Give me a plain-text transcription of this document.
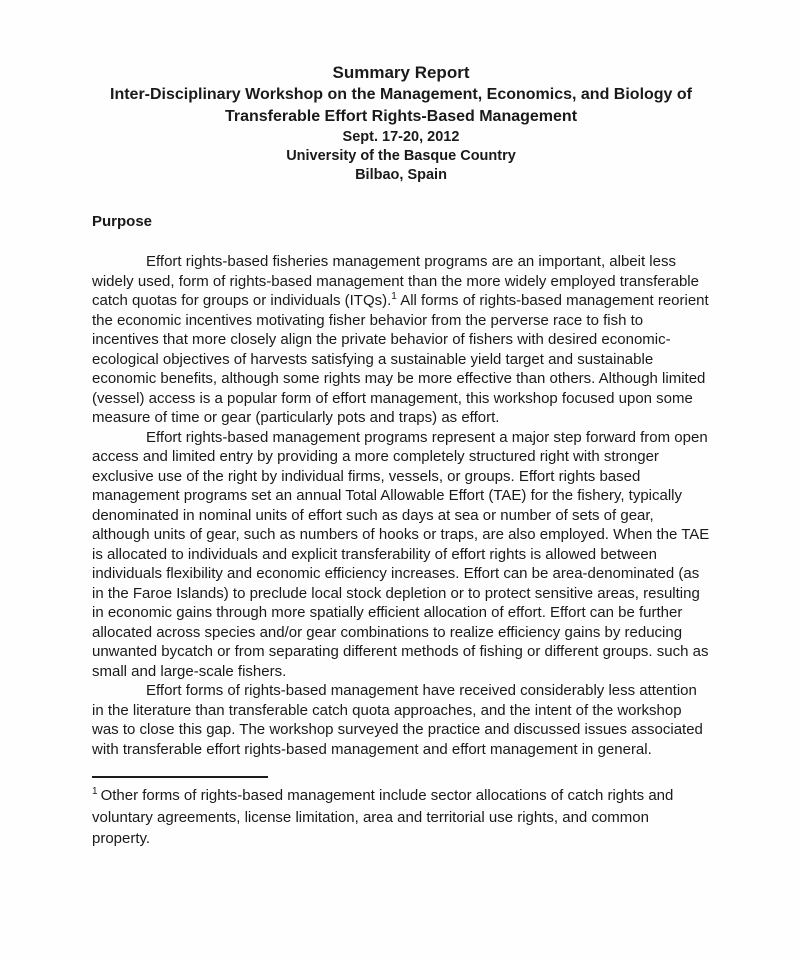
Summary Report
Inter-Disciplinary Workshop on the Management, Economics, and Biology of Transferable Effort Rights-Based Management
Sept. 17-20, 2012
University of the Basque Country
Bilbao, Spain
Purpose

Effort rights-based fisheries management programs are an important, albeit less widely used, form of rights-based management than the more widely employed transferable catch quotas for groups or individuals (ITQs).$^1$ All forms of rights-based management reorient the economic incentives motivating fisher behavior from the perverse race to fish to incentives that more closely align the private behavior of fishers with desired economic-ecological objectives of harvests satisfying a sustainable yield target and sustainable economic benefits, although some rights may be more effective than others. Although limited (vessel) access is a popular form of effort management, this workshop focused upon some measure of time or gear (particularly pots and traps) as effort.

Effort rights-based management programs represent a major step forward from open access and limited entry by providing a more completely structured right with stronger exclusive use of the right by individual firms, vessels, or groups. Effort rights based management programs set an annual Total Allowable Effort (TAE) for the fishery, typically denominated in nominal units of effort such as days at sea or number of sets of gear, although units of gear, such as numbers of hooks or traps, are also employed. When the TAE is allocated to individuals and explicit transferability of effort rights is allowed between individuals flexibility and economic efficiency increases. Effort can be area-denominated (as in the Faroe Islands) to preclude local stock depletion or to protect sensitive areas, resulting in economic gains through more spatially efficient allocation of effort. Effort can be further allocated across species and/or gear combinations to realize efficiency gains by reducing unwanted bycatch or from separating different methods of fishing or different groups. such as small and large-scale fishers.

Effort forms of rights-based management have received considerably less attention in the literature than transferable catch quota approaches, and the intent of the workshop was to close this gap. The workshop surveyed the practice and discussed issues associated with transferable effort rights-based management and effort management in general.

$^1$ Other forms of rights-based management include sector allocations of catch rights and voluntary agreements, license limitation, area and territorial use rights, and common property.
